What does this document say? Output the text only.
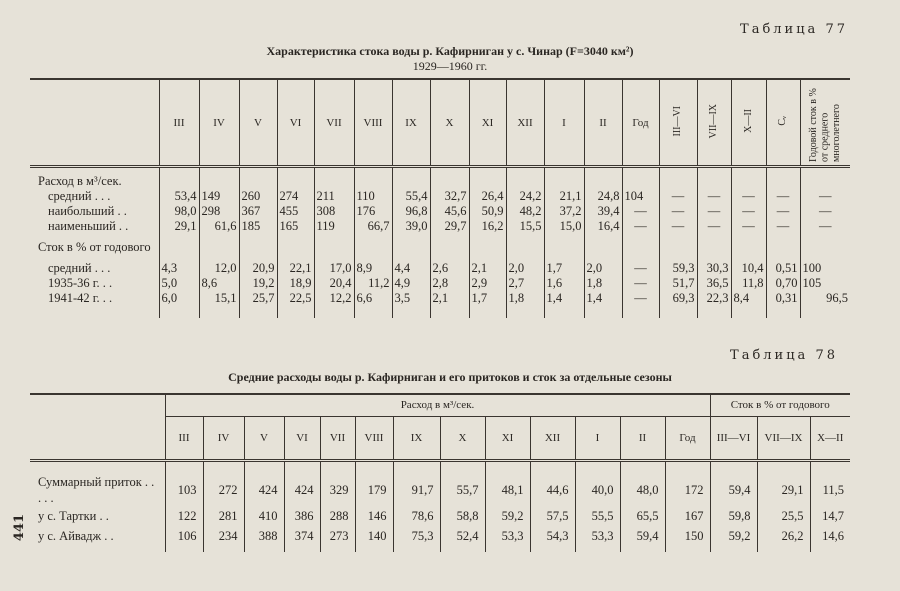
Таблица 77
Характеристика стока воды р. Кафирниган у с. Чинар (F=3040 км²)
1929—1960 гг.
	III	IV	V	VI	VII	VIII	IX	X	XI	XII	I	II	Год	III—VI	VII—IX	X—II	Cᵥ	Годовой сток в % от среднего многолетнего

Расход в м³/сек.																		
средний . . .	53,4	149	260	274	211	110	55,4	32,7	26,4	24,2	21,1	24,8	104	—	—	—	—	—
наибольший . .	98,0	298	367	455	308	176	96,8	45,6	50,9	48,2	37,2	39,4	—	—	—	—	—	—
наименьший . .	29,1	61,6	185	165	119	66,7	39,0	29,7	16,2	15,5	15,0	16,4	—	—	—	—	—	—

Сток в % от годового																		

средний . . .	4,3	12,0	20,9	22,1	17,0	8,9	4,4	2,6	2,1	2,0	1,7	2,0	—	59,3	30,3	10,4	0,51	100
1935-36 г. . .	5,0	8,6	19,2	18,9	20,4	11,2	4,9	2,8	2,9	2,7	1,6	1,8	—	51,7	36,5	11,8	0,70	105
1941-42 г. . .	6,0	15,1	25,7	22,5	12,2	6,6	3,5	2,1	1,7	1,8	1,4	1,4	—	69,3	22,3	8,4	0,31	96,5

Таблица 78
Средние расходы воды р. Кафирниган и его притоков и сток за отдельные сезоны
	Расход в м³/сек.													Сток в % от годового		
	III	IV	V	VI	VII	VIII	IX	X	XI	XII	I	II	Год	III—VI	VII—IX	X—II

Суммарный приток . . . . .	103	272	424	424	329	179	91,7	55,7	48,1	44,6	40,0	48,0	172	59,4	29,1	11,5
у с. Тартки . .	122	281	410	386	288	146	78,6	58,8	59,2	57,5	55,5	65,5	167	59,8	25,5	14,7
у с. Айвадж . .	106	234	388	374	273	140	75,3	52,4	53,3	54,3	53,3	59,4	150	59,2	26,2	14,6

441
